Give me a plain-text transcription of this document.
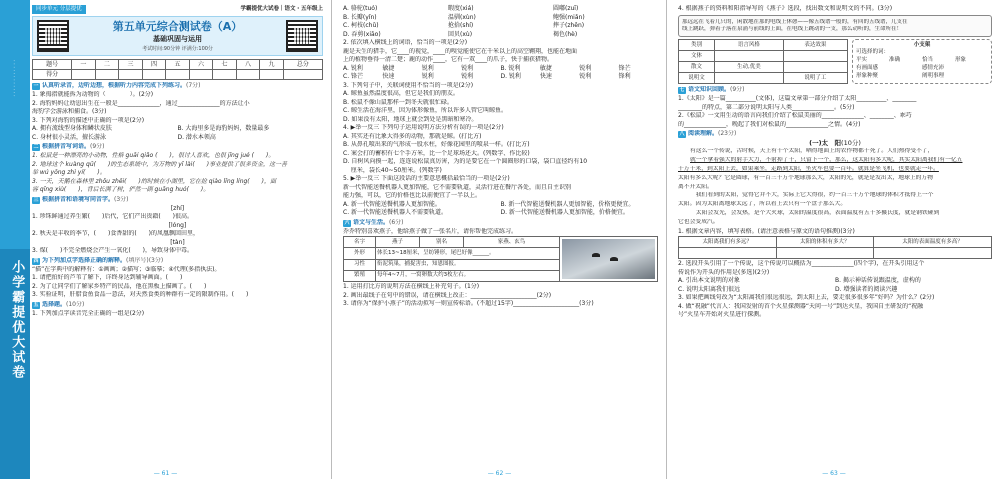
· · · · · · · · · · · ·
小学霸提优大试卷
同步单元 分层提优	学霸提优大试卷｜语文・五年级上
第五单元综合测试卷（A）
基础巩固与运用
考试时间:90分钟 评满分:100分
题号	一	二	三	四	五	六	七	八	九	总分
得分										
一 认真听录音，边听边想，根据听力内容完成下列练习。(7分)
1. 象拇指就能拆为动物的（　　　　）。(2分)
2. 海豹妈妈让幼崽出生在一般是______________，通过______________的方法让小
海豹学会游泳和捕食。(3分)
3. 下列对海豹的描述中正确的一项是(2分)
A. 拥有流线型身体和鳞状皮肤	B. 大海里多是海豹妈妈，数量最多
C. 身材很小灵活，擅长游泳	D. 潜水本领高
二 根据拼音写词语。(9分)
1. 松鼠是一种漂亮的小动物，性格 guāi qiǎo (　　)，很讨人喜欢，也很 jīng jué (　　)。
2. 地球这个 kuàng qū(　　)的生态系统中，为万物的 yī lài(　　)事业提供了很多资金，这一善
举 wú yōng zhì yí(　　)。
3. 一天，天鹅在森林里 zhōu zhēi(　　)的时候在小湖里，它在抢 qiào lǐng líng(　　)，面
容 qīng xiù(　　)，背后长满了树，俨然一副 guāng huó(　　)。
三 根据拼音和语境写同音字。(3分)
[zhí]
1. 珍珠鲜通过养生繁(　　)后代，它们产出贵籍(　　)很高。
[lóng]
2. 秋天是丰收的季节，(　　)食香甜的(　　)的凤凰飘回田里，
[tàn]
3. 煤(　　)不完全燃烧会产生一氧化(　　)，导致身体中毒。
四 为下列加点字选择正确的解释。(填序号)(3分)
“描”在字典中的解释有：①画画；②描写；③临摹；④代理(多指执法)。
1. 请把拍好的芦苇了解下，详终身达到辅导画面。(　　)
2. 为了让同学们了解家乡特产的民品，他在黑板上描画了。(　　)
3. 实验证明，肝腊食鱼食品一意法，对天然食类的种群有一定的限制作用。(　　)
五 选择题。(10分)
1. 下列加点字读音完全正确的一组是(2分)
— 61 —
A. 骆驼(tuó)	暇度(xiá)	圆嘟(zuī)
B. 长瓣(yǐn)	温驯(xùn)	鲍强(miǎn)
C. 柯枝(chǔ)	抢拾(shí)	摔子(zhēn)
D. 吞剪(xiāo)	回贝(xù)	褐色(hè)
2. 依次填入横线上的词语，恰当的一项是(2分)
鹿是天生的猎手，它____的视觉，____的嗅觉能使它在千米以上的高空翱翔，也能在地面
上的植物垂得一清二楚；鹿的动作____，它有一双____的爪子，快于捕获猎物。
A. 锐利	敏捷	锐利	锐利	B. 锐利	敏捷	锐利	锋芒
C. 锋芒	快速	锐利	锐利	D. 锐利	快速	锐利	锋利
3. 下列句子中，关联词使用不恰当的一项是(2分)
A. 鲸鱼虽然温度很高，但它是我们的朋友。
B. 松鼠不像山鼠那样一到冬天就很忙碌。
C. 鲸生活在海洋里，因为体形像鱼，所以许多人管它叫鲸鱼。
D. 如果没有太阳，地球上就会到处是黑暗和寒冷。
4. ▶举一反三 下列句子运用说明方法分析有误的一项是(2分)
A. 其实还有比象大得多的动物，那就是鲸。(打比方)
B. 从鼻孔喷出来的气形成一股水柱，好像花园里的喷泉一样。(打比方)
C. 案会打的蓄积有七个手方米，比一个足球场还大。(列数字、作比较)
D. 自树风向摸一起，连连说松鼠真厉害，为的是要它在一个圆圈形的口袋，袋口直径约有10
　 厘米，袋长40~50厘米。(列数字)
5. ▶举一反三 下面这段话的主要意思概括最恰当的一项是(2分)
新一代智能送餐机器人更加智能，它不需要轨道，灵活行进在餐厅各处，而且自主识别
能力强，可以，它的价格也比以前便宜了一半以上。
A. 新一代智能送餐机器人更加智能。	B. 新一代智能送餐机器人更加智能，价格更便宜。
C. 新一代智能送餐机器人不需要轨道。	D. 新一代智能送餐机器人更加智能，价格便宜。
六 语文与生活。(6分)
乔乔特别喜欢燕子，他给燕子做了一张名片，请你帮他完成练习。
名字	燕子	别名	家燕、玄鸟	

外形	体长13~18厘米，呈纺锤形，尾巴好像______。			
习性	衔泥筑巢，捕捉害虫，知恩图报。			
繁殖	每年4~7月，一窝卵数大约3枚左右。			
1. 运用打比方的说明方法在横线上补充句子。(1分)
2. 画出最线子在句中的错误，请在横线上改正：______________________(2分)
3. 请你为“保护小燕子”的活动拟写一则宣传标语。(不超过15字)______________________(3分)
— 62 —
4. 根据燕子的资料和阳指导写的《燕子》选段，找出数文和说明文的不同。(3分)
那远远在飞着几只的，闲散地在那的电线上休憩——像五线谱一般的，有回的五线谱，几支在
线上跳跃，弹着子落在泉涌与前线的上面，在电线上跳动的一支，那么动听的，生命所在！
类别	语言风格	表达效果
文体		
散文	生动,优美	
说明文		说明了工
小支架
可选择的词：
平实	准确	恰当	形象
有画面感	感情充沛
形象种聚	阐明事理
七 语文知识回顾。(9分)
1.《太阳》是一篇__________(文体)，这篇文章第一部分介绍了太阳__________、________
________的特点，第二部分说明太阳与人类______________。(5分)
2.《松鼠》一文用生动的语言向我们介绍了松鼠美丽的______________、________、乖巧
的______________，晚起了我们对松鼠的______________之情。(4分)
八 阅读理解。(23分)
(一)太　阳(10分)
有这么一个传说，古时候，天上有十个太阳，晒得地面上的农作物都干死了。人们热得受不了，
就一个拿着强大的射手大力，不射掉了十，只留下一个，那么，这太阳有多大呢，其实太阳离我们有一亿五
千万千米，到太阳上去，如果乘坐，走路到太阳，坐火车也要一百年。就算是坐飞机，也要就走一年。
太阳有多么大呢？它是圆球，有一百三十万个地球那么大，太阳的光，就是是发出太，地球上的万物
离不开太阳。
　我们看到的太阳，觉得它并不大，实际上它大得很，约一百三十万个地球的体积才抵得上一个
太阳。因为太阳离地球太远了，所以看上去只有一个盘子那么大。
　太阳会发光，会发热，是个大火球，太阳的温度很高，表面温度有五千多摄氏度，就是钢铁碰到
它也会变成汽。
1. 根据文章内容，填写表格。(请注意表格与原文的语句推测)(3分)
太阳离我们有多远？	太阳的体积有多大？	太阳的表面温度有多高？

2. 选段开头引用了一个传说，这个传说可以概括为______________(四个字)，在开头引用这个
传说作为开头的作用是(多选)(2分)
A. 引出本文说明的对象	B. 揭示神话传说跟温度，虚构的
C. 说明太阳离我们很远	D. 增强读者的阅读兴趣
3. 如果把画线句改为“太阳离我们很远很远，到太阳上去，要走很多很多年”好吗？为什么？(2分)
4. 做“祝融”代言人：我国发射的首个火星探测器“天问一号”到达火星，我国自主研发的“祝融
号”火星车开始对火星进行探测。
— 63 —
